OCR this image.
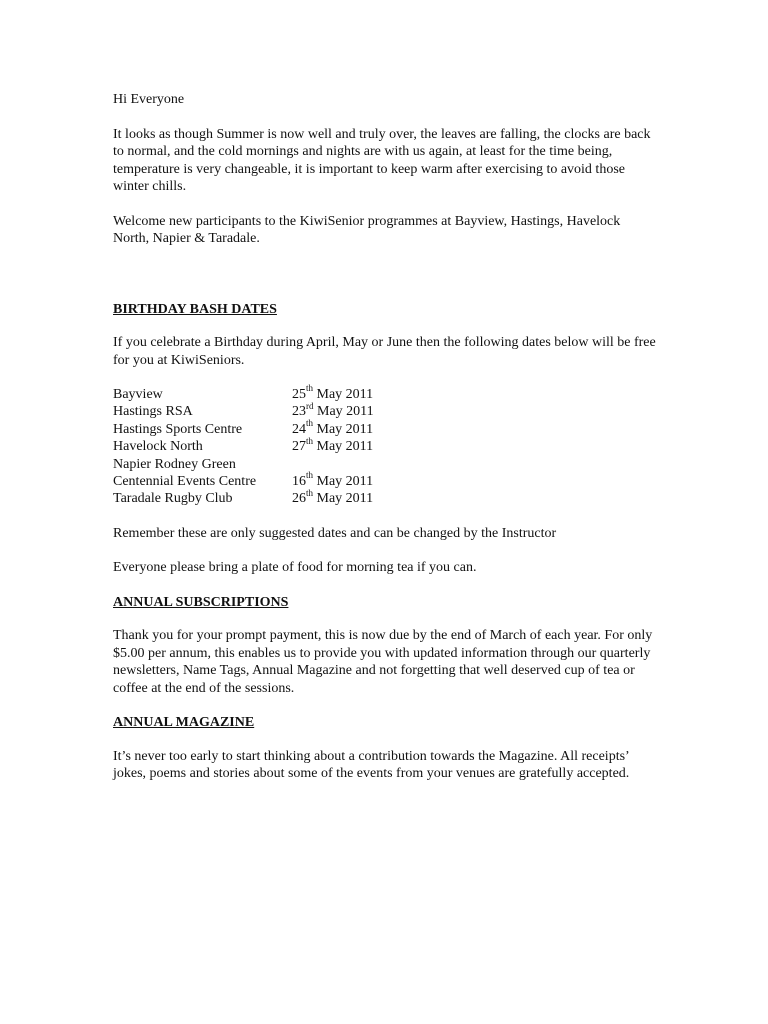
Hi Everyone

It looks as though Summer is now well and truly over, the leaves are falling, the clocks are back to normal, and the cold mornings and nights are with us again, at least for the time being, temperature is very changeable, it is important to keep warm after exercising to avoid those winter chills.

Welcome new participants to the KiwiSenior programmes at Bayview, Hastings, Havelock North, Napier & Taradale.

BIRTHDAY BASH DATES

If you celebrate a Birthday during April, May or June then the following dates below will be free for you at KiwiSeniors.

Bayview	25th May 2011
Hastings RSA	23rd May 2011
Hastings Sports Centre	24th May 2011
Havelock North	27th May 2011
Napier Rodney Green
Centennial Events Centre	16th May 2011
Taradale Rugby Club	26th May 2011

Remember these are only suggested dates and can be changed by the Instructor

Everyone please bring a plate of food for morning tea if you can.

ANNUAL SUBSCRIPTIONS

Thank you for your prompt payment, this is now due by the end of March of each year. For only $5.00 per annum, this enables us to provide you with updated information through our quarterly newsletters, Name Tags, Annual Magazine and not forgetting that well deserved cup of tea or coffee at the end of the sessions.

ANNUAL MAGAZINE

It’s never too early to start thinking about a contribution towards the Magazine. All receipts’ jokes, poems and stories about some of the events from your venues are gratefully accepted.
